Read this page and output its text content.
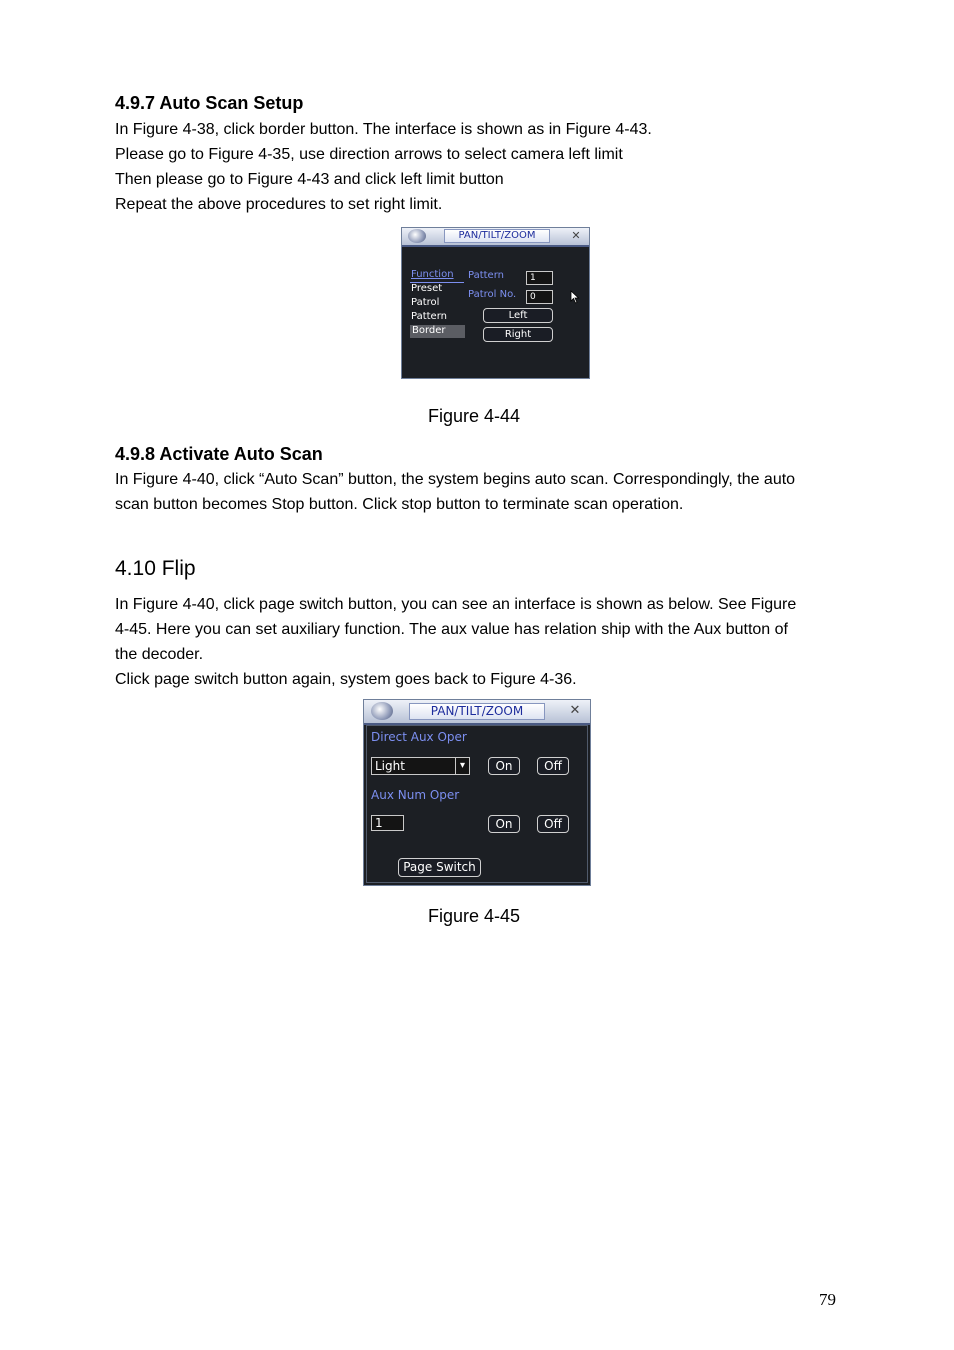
4.9.7 Auto Scan Setup
In Figure 4-38, click border button. The interface is shown as in Figure 4-43.
Please go to Figure 4-35, use direction arrows to select camera left limit
Then please go to Figure 4-43 and click left limit button
Repeat the above procedures to set right limit.
PAN/TILT/ZOOM	✕
Function
Preset
Patrol
Pattern
Border
Pattern	1
Patrol No.	0
Left
Right
Figure 4-44
4.9.8 Activate Auto Scan
In Figure 4-40, click “Auto Scan” button, the system begins auto scan. Correspondingly, the auto
scan button becomes Stop button. Click stop button to terminate scan operation.
4.10 Flip
In Figure 4-40, click page switch button, you can see an interface is shown as below. See Figure
4-45. Here you can set auxiliary function. The aux value has relation ship with the Aux button of
the decoder.
Click page switch button again, system goes back to Figure 4-36.
PAN/TILT/ZOOM	✕
Direct Aux Oper
Light	▾	On	Off
Aux Num Oper
1	On	Off
Page Switch
Figure 4-45
79
